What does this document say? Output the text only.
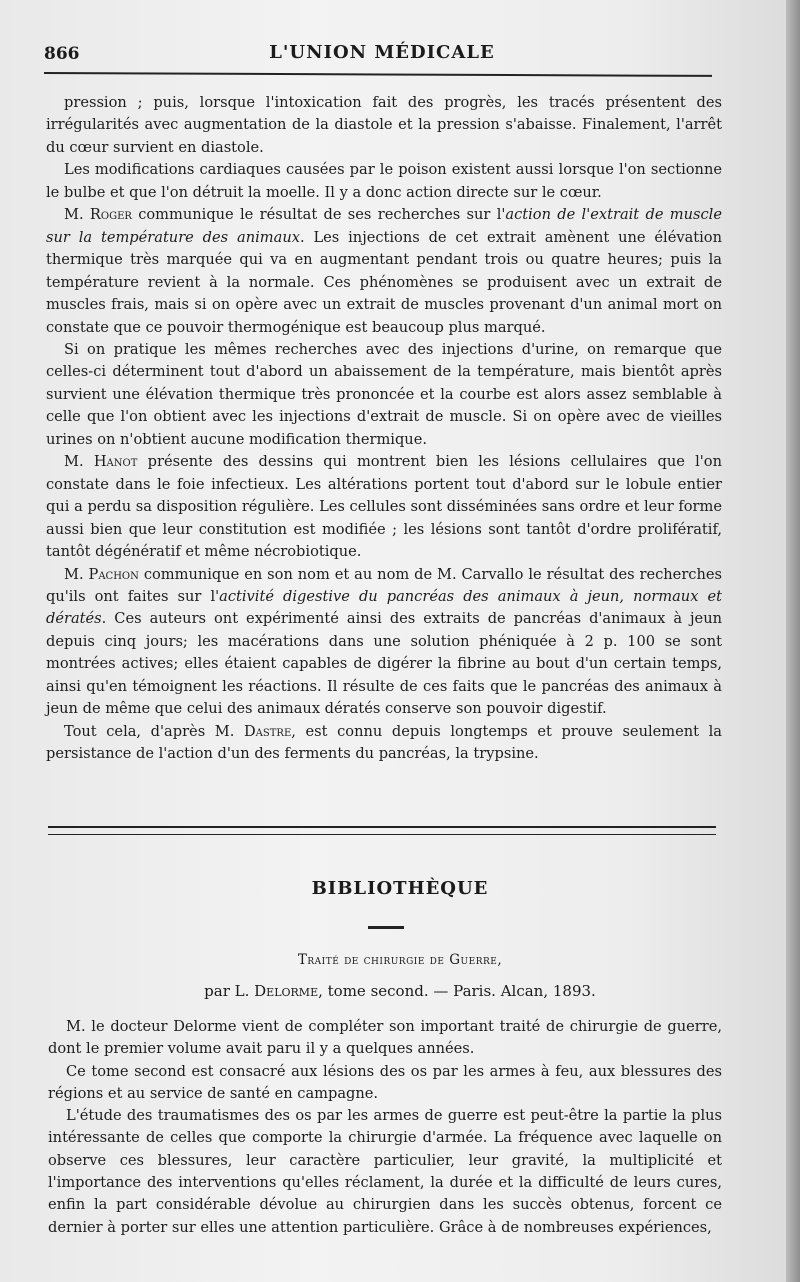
866	L'UNION MÉDICALE

pression ; puis, lorsque l'intoxication fait des progrès, les tracés présentent des irrégularités avec augmentation de la diastole et la pression s'abaisse. Finalement, l'arrêt du cœur survient en diastole.

Les modifications cardiaques causées par le poison existent aussi lorsque l'on sectionne le bulbe et que l'on détruit la moelle. Il y a donc action directe sur le cœur.

M. Roger communique le résultat de ses recherches sur l'action de l'extrait de muscle sur la température des animaux. Les injections de cet extrait amènent une élévation thermique très marquée qui va en augmentant pendant trois ou quatre heures; puis la température revient à la normale. Ces phénomènes se produisent avec un extrait de muscles frais, mais si on opère avec un extrait de muscles provenant d'un animal mort on constate que ce pouvoir thermogénique est beaucoup plus marqué.

Si on pratique les mêmes recherches avec des injections d'urine, on remarque que celles-ci déterminent tout d'abord un abaissement de la température, mais bientôt après survient une élévation thermique très prononcée et la courbe est alors assez semblable à celle que l'on obtient avec les injections d'extrait de muscle. Si on opère avec de vieilles urines on n'obtient aucune modification thermique.

M. Hanot présente des dessins qui montrent bien les lésions cellulaires que l'on constate dans le foie infectieux. Les altérations portent tout d'abord sur le lobule entier qui a perdu sa disposition régulière. Les cellules sont disséminées sans ordre et leur forme aussi bien que leur constitution est modifiée ; les lésions sont tantôt d'ordre prolifératif, tantôt dégénératif et même nécrobiotique.

M. Pachon communique en son nom et au nom de M. Carvallo le résultat des recherches qu'ils ont faites sur l'activité digestive du pancréas des animaux à jeun, normaux et dératés. Ces auteurs ont expérimenté ainsi des extraits de pancréas d'animaux à jeun depuis cinq jours; les macérations dans une solution phéniquée à 2 p. 100 se sont montrées actives; elles étaient capables de digérer la fibrine au bout d'un certain temps, ainsi qu'en témoignent les réactions. Il résulte de ces faits que le pancréas des animaux à jeun de même que celui des animaux dératés conserve son pouvoir digestif.

Tout cela, d'après M. Dastre, est connu depuis longtemps et prouve seulement la persistance de l'action d'un des ferments du pancréas, la trypsine.

BIBLIOTHÈQUE
Traité de chirurgie de Guerre,
par L. Delorme, tome second. — Paris. Alcan, 1893.

M. le docteur Delorme vient de compléter son important traité de chirurgie de guerre, dont le premier volume avait paru il y a quelques années.

Ce tome second est consacré aux lésions des os par les armes à feu, aux blessures des régions et au service de santé en campagne.

L'étude des traumatismes des os par les armes de guerre est peut-être la partie la plus intéressante de celles que comporte la chirurgie d'armée. La fréquence avec laquelle on observe ces blessures, leur caractère particulier, leur gravité, la multiplicité et l'importance des interventions qu'elles réclament, la durée et la difficulté de leurs cures, enfin la part considérable dévolue au chirurgien dans les succès obtenus, forcent ce dernier à porter sur elles une attention particulière. Grâce à de nombreuses expériences,
